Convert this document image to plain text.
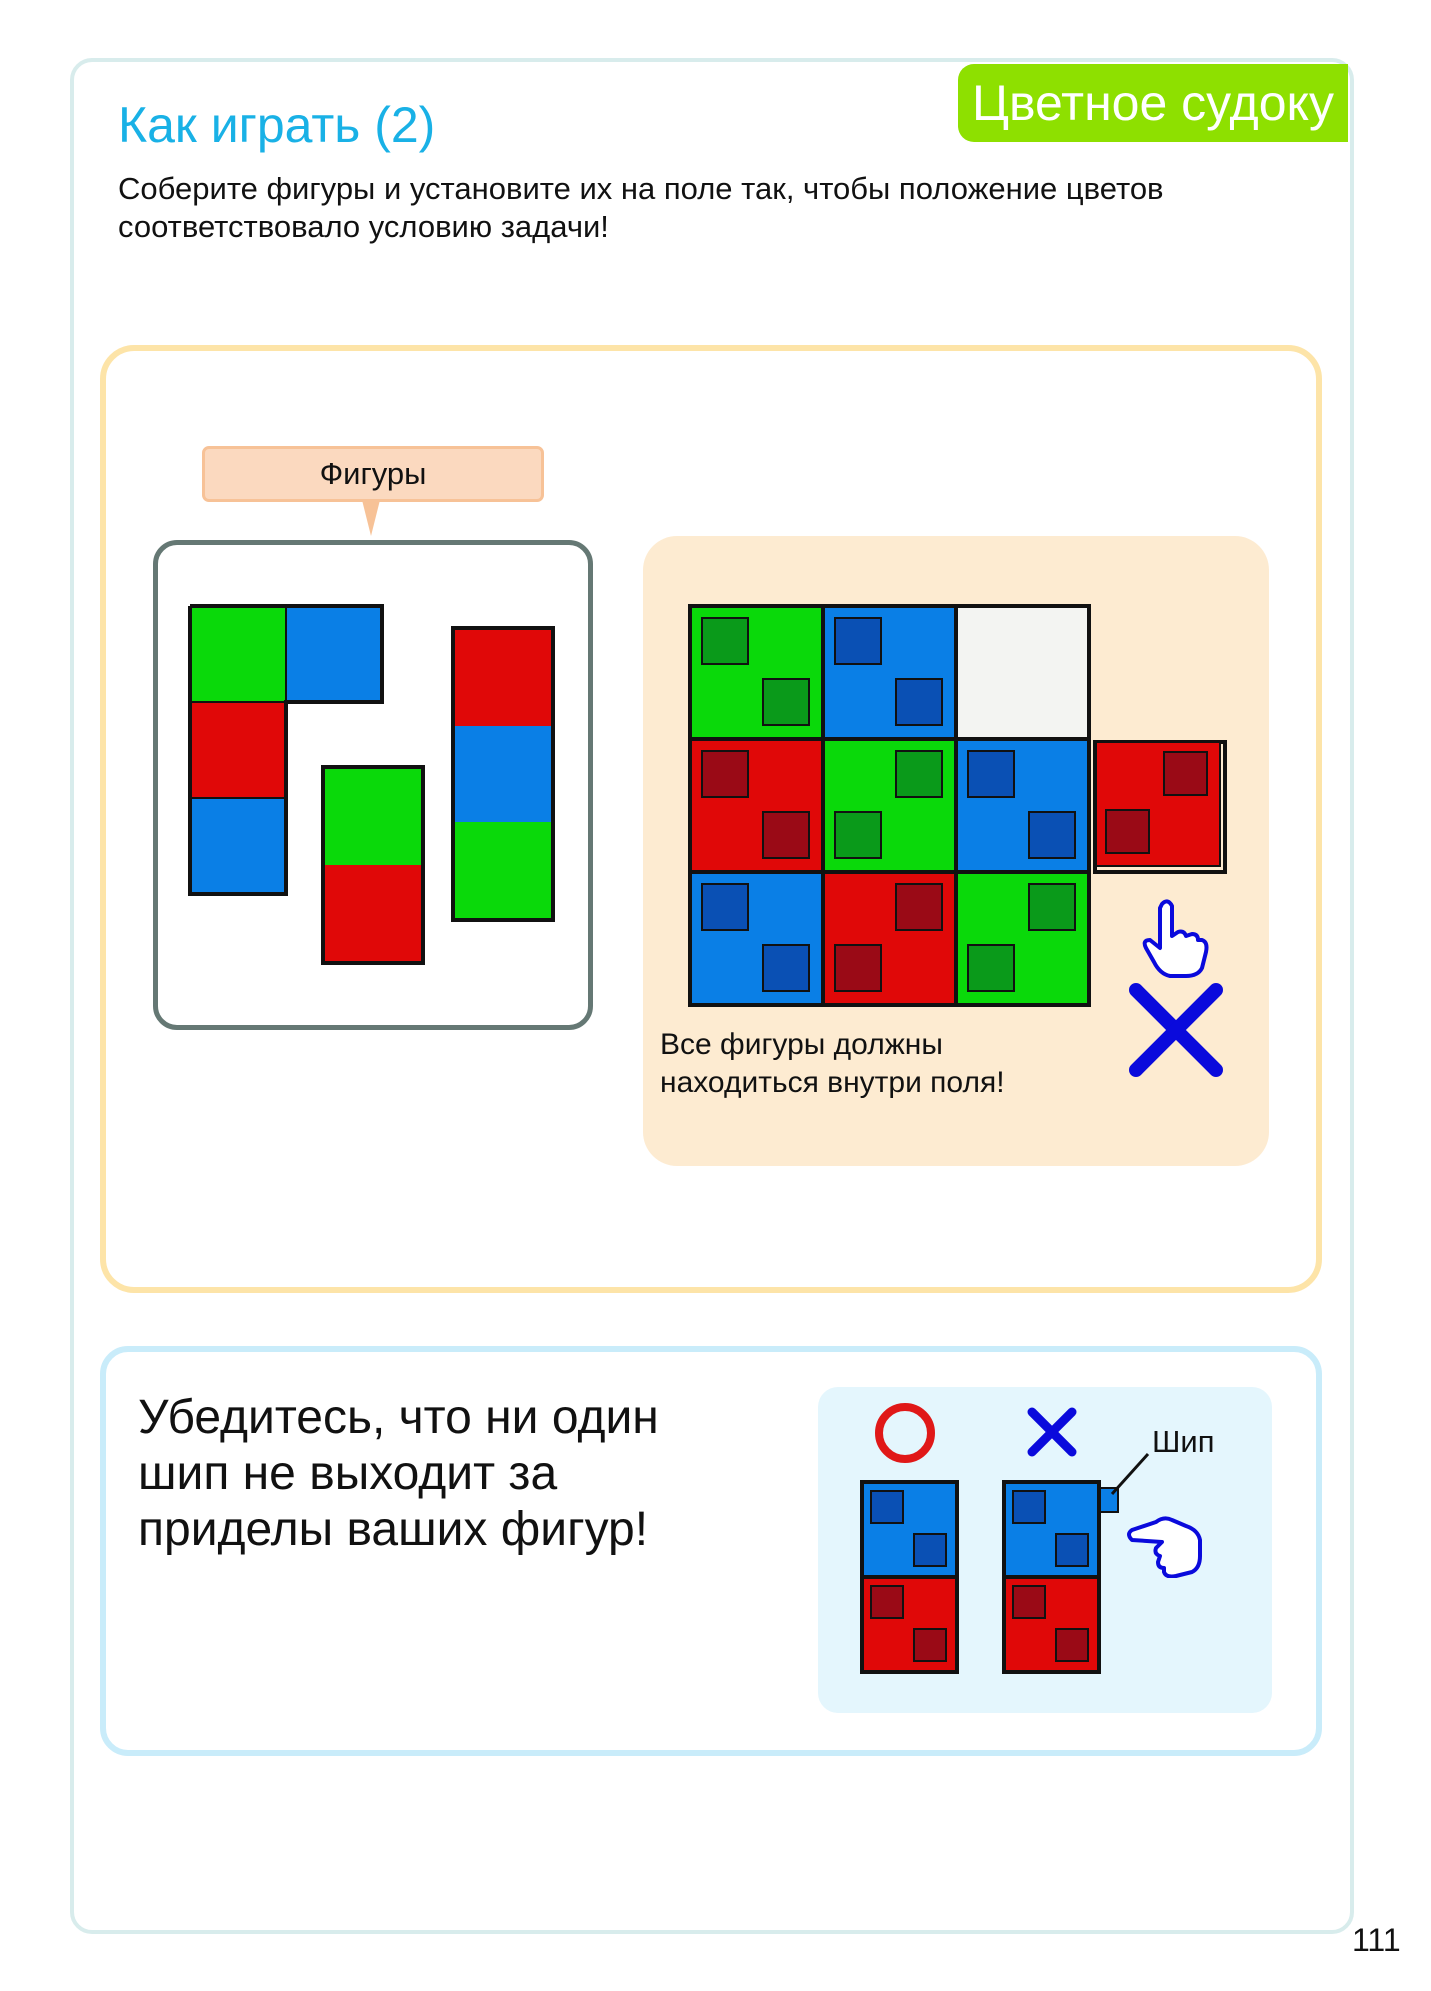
Цветное судоку
Как играть (2)
Соберите фигуры и установите их на поле так, чтобы положение цветов
соответствовало условию задачи!
Фигуры
Все фигуры должны
находиться внутри поля!
Убедитесь, что ни один
шип не выходит за
приделы ваших фигур!
Шип
111
